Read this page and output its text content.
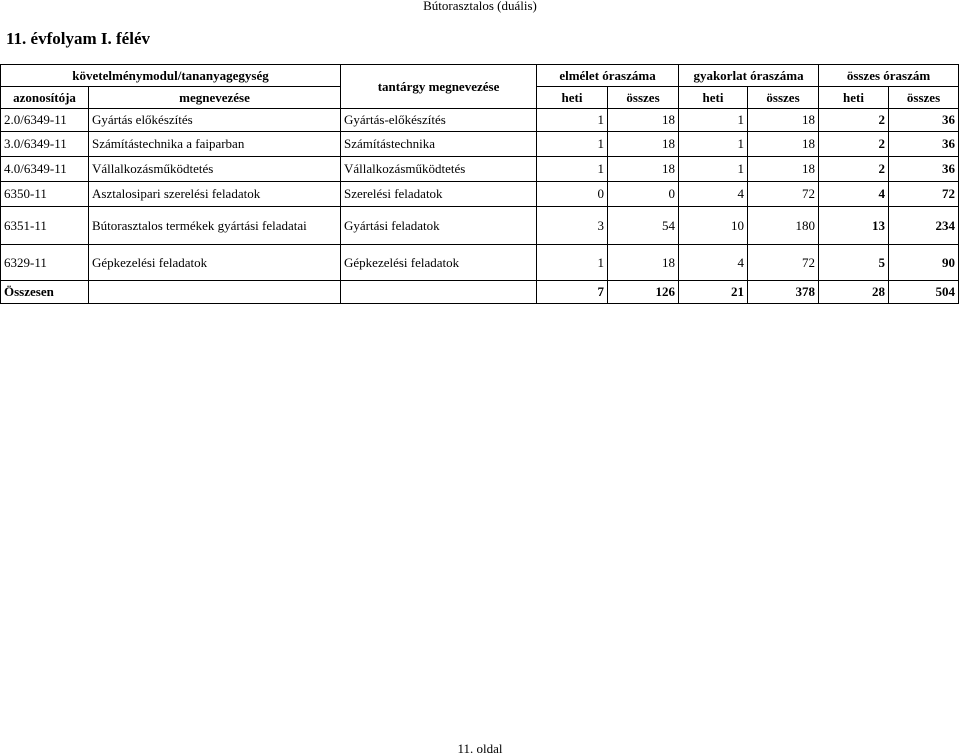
Bútorasztalos (duális)
11. évfolyam I. félév
követelménymodul/tananyagegység		tantárgy megnevezése	elmélet óraszáma		gyakorlat óraszáma		összes óraszám	
azonosítója	megnevezése		heti	összes	heti	összes	heti	összes
2.0/6349-11	Gyártás előkészítés	Gyártás-előkészítés	1	18	1	18	2	36
3.0/6349-11	Számítástechnika a faiparban	Számítástechnika	1	18	1	18	2	36
4.0/6349-11	Vállalkozásműködtetés	Vállalkozásműködtetés	1	18	1	18	2	36
6350-11	Asztalosipari szerelési feladatok	Szerelési feladatok	0	0	4	72	4	72
6351-11	Bútorasztalos termékek gyártási feladatai	Gyártási feladatok	3	54	10	180	13	234
6329-11	Gépkezelési feladatok	Gépkezelési feladatok	1	18	4	72	5	90
Összesen			7	126	21	378	28	504
11. oldal
